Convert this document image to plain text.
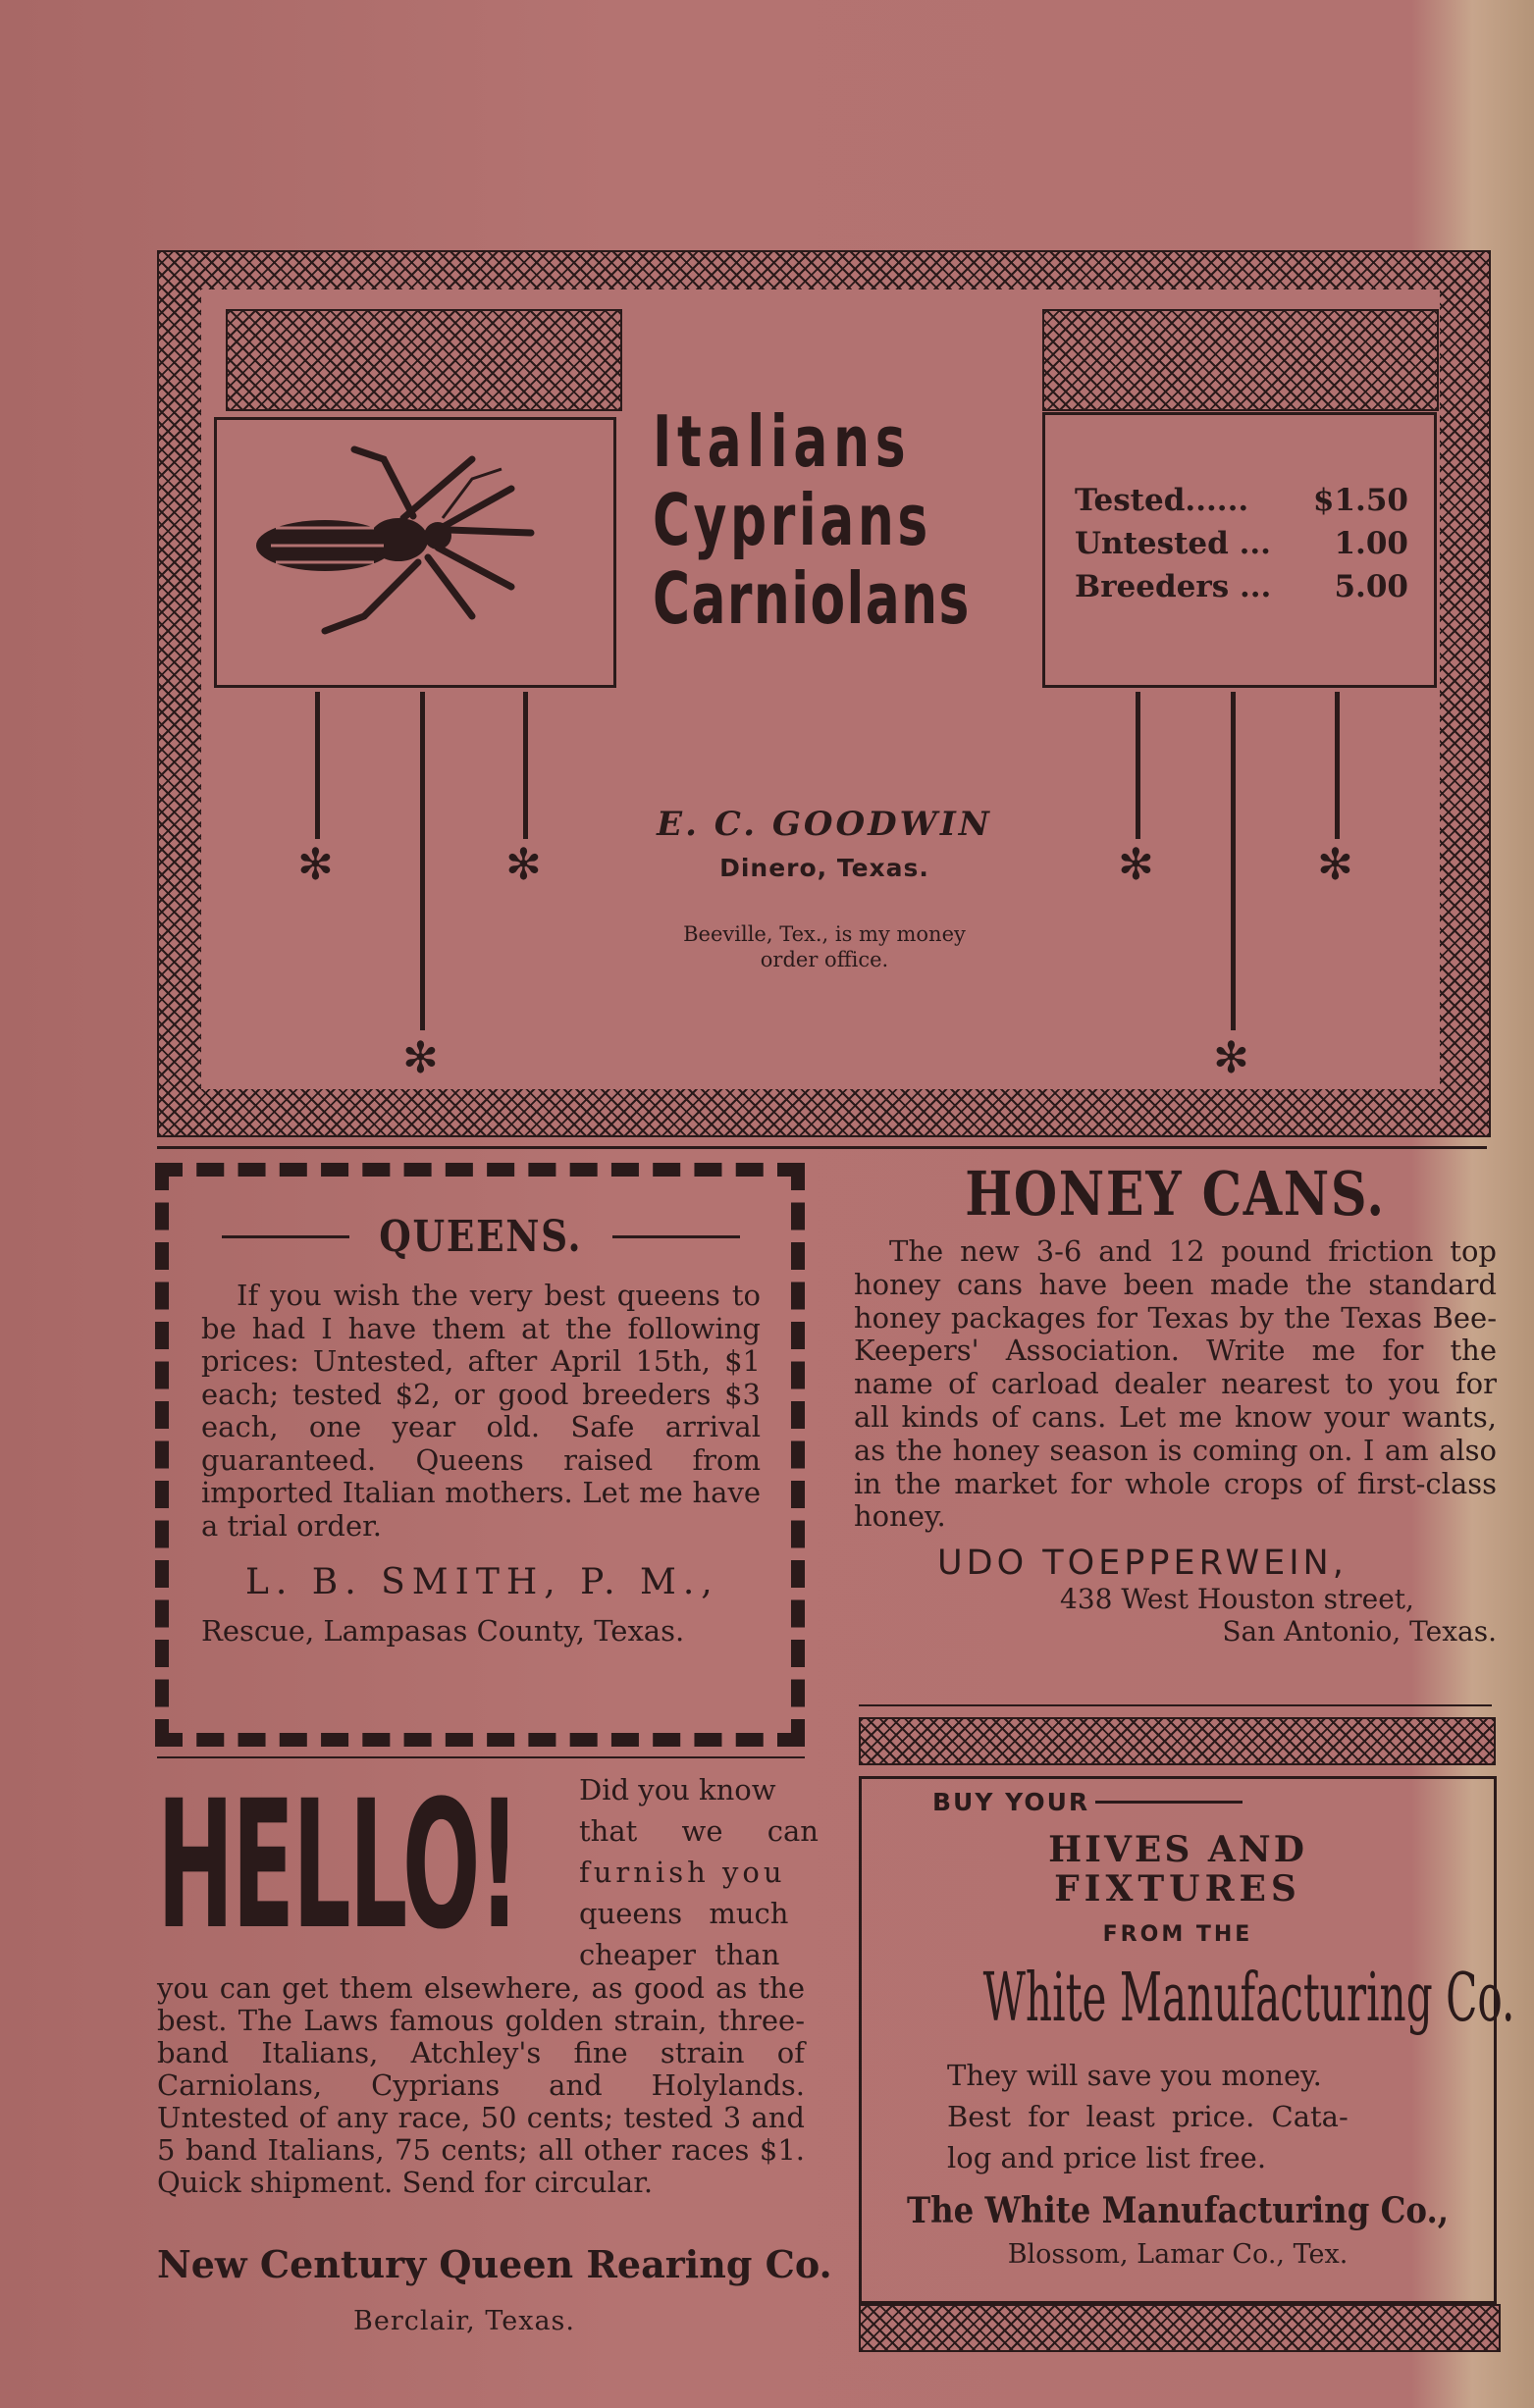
Italians
Cyprians
Carniolans
Tested...... $1.50
Untested ... 1.00
Breeders ... 5.00
✻
✻
✻	✻
✻
✻
E. C. GOODWIN
Dinero, Texas.
Beeville, Tex., is my money
order office.
QUEENS.

If you wish the very best queens to be had I have them at the following prices: Untested, after April 15th, $1 each; tested $2, or good breeders $3 each, one year old. Safe arrival guaranteed. Queens raised from imported Italian mothers. Let me have a trial order.

L. B. SMITH, P. M.,
Rescue, Lampasas County, Texas.
HONEY CANS.

The new 3-6 and 12 pound friction top honey cans have been made the standard honey packages for Texas by the Texas Bee-Keepers' Association. Write me for the name of carload dealer nearest to you for all kinds of cans. Let me know your wants, as the honey season is coming on. I am also in the market for whole crops of first-class honey.

UDO TOEPPERWEIN,
438 West Houston street,
San Antonio, Texas.
HELLO! Did you know
that we can
furnish you
queens much
cheaper than

you can get them elsewhere, as good as the best. The Laws famous golden strain, three-band Italians, Atchley's fine strain of Carniolans, Cyprians and Holylands. Untested of any race, 50 cents; tested 3 and 5 band Italians, 75 cents; all other races $1. Quick shipment. Send for circular.

New Century Queen Rearing Co.
Berclair, Texas.
BUY YOUR
HIVES AND
FIXTURES
FROM THE
White Manufacturing Co.
They will save you money.
Best for least price. Cata-
log and price list free.
The White Manufacturing Co.,
Blossom, Lamar Co., Tex.
